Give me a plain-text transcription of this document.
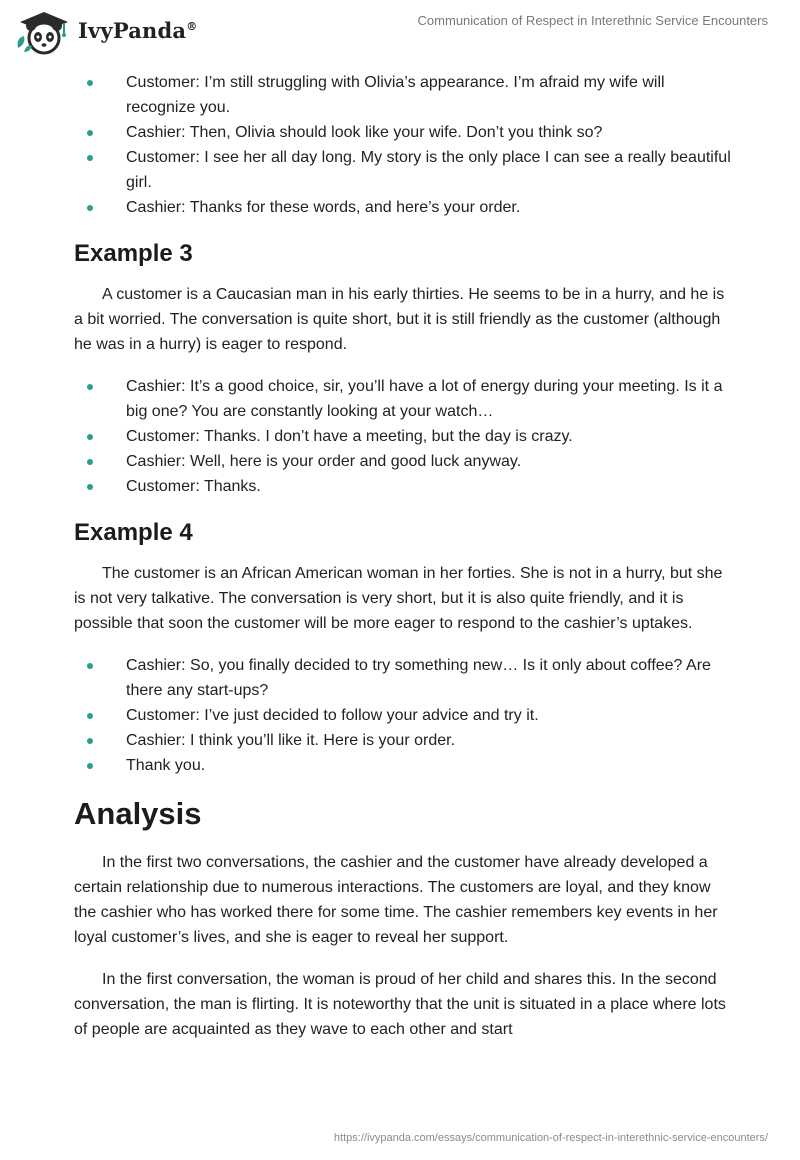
IvyPanda®	Communication of Respect in Interethnic Service Encounters
Customer: I’m still struggling with Olivia’s appearance. I’m afraid my wife will recognize you.
Cashier: Then, Olivia should look like your wife. Don’t you think so?
Customer: I see her all day long. My story is the only place I can see a really beautiful girl.
Cashier: Thanks for these words, and here’s your order.
Example 3

A customer is a Caucasian man in his early thirties. He seems to be in a hurry, and he is a bit worried. The conversation is quite short, but it is still friendly as the customer (although he was in a hurry) is eager to respond.

Cashier: It’s a good choice, sir, you’ll have a lot of energy during your meeting. Is it a big one? You are constantly looking at your watch…
Customer: Thanks. I don’t have a meeting, but the day is crazy.
Cashier: Well, here is your order and good luck anyway.
Customer: Thanks.
Example 4

The customer is an African American woman in her forties. She is not in a hurry, but she is not very talkative. The conversation is very short, but it is also quite friendly, and it is possible that soon the customer will be more eager to respond to the cashier’s uptakes.

Cashier: So, you finally decided to try something new… Is it only about coffee? Are there any start-ups?
Customer: I’ve just decided to follow your advice and try it.
Cashier: I think you’ll like it. Here is your order.
Thank you.
Analysis

In the first two conversations, the cashier and the customer have already developed a certain relationship due to numerous interactions. The customers are loyal, and they know the cashier who has worked there for some time. The cashier remembers key events in her loyal customer’s lives, and she is eager to reveal her support.

In the first conversation, the woman is proud of her child and shares this. In the second conversation, the man is flirting. It is noteworthy that the unit is situated in a place where lots of people are acquainted as they wave to each other and start

https://ivypanda.com/essays/communication-of-respect-in-interethnic-service-encounters/
